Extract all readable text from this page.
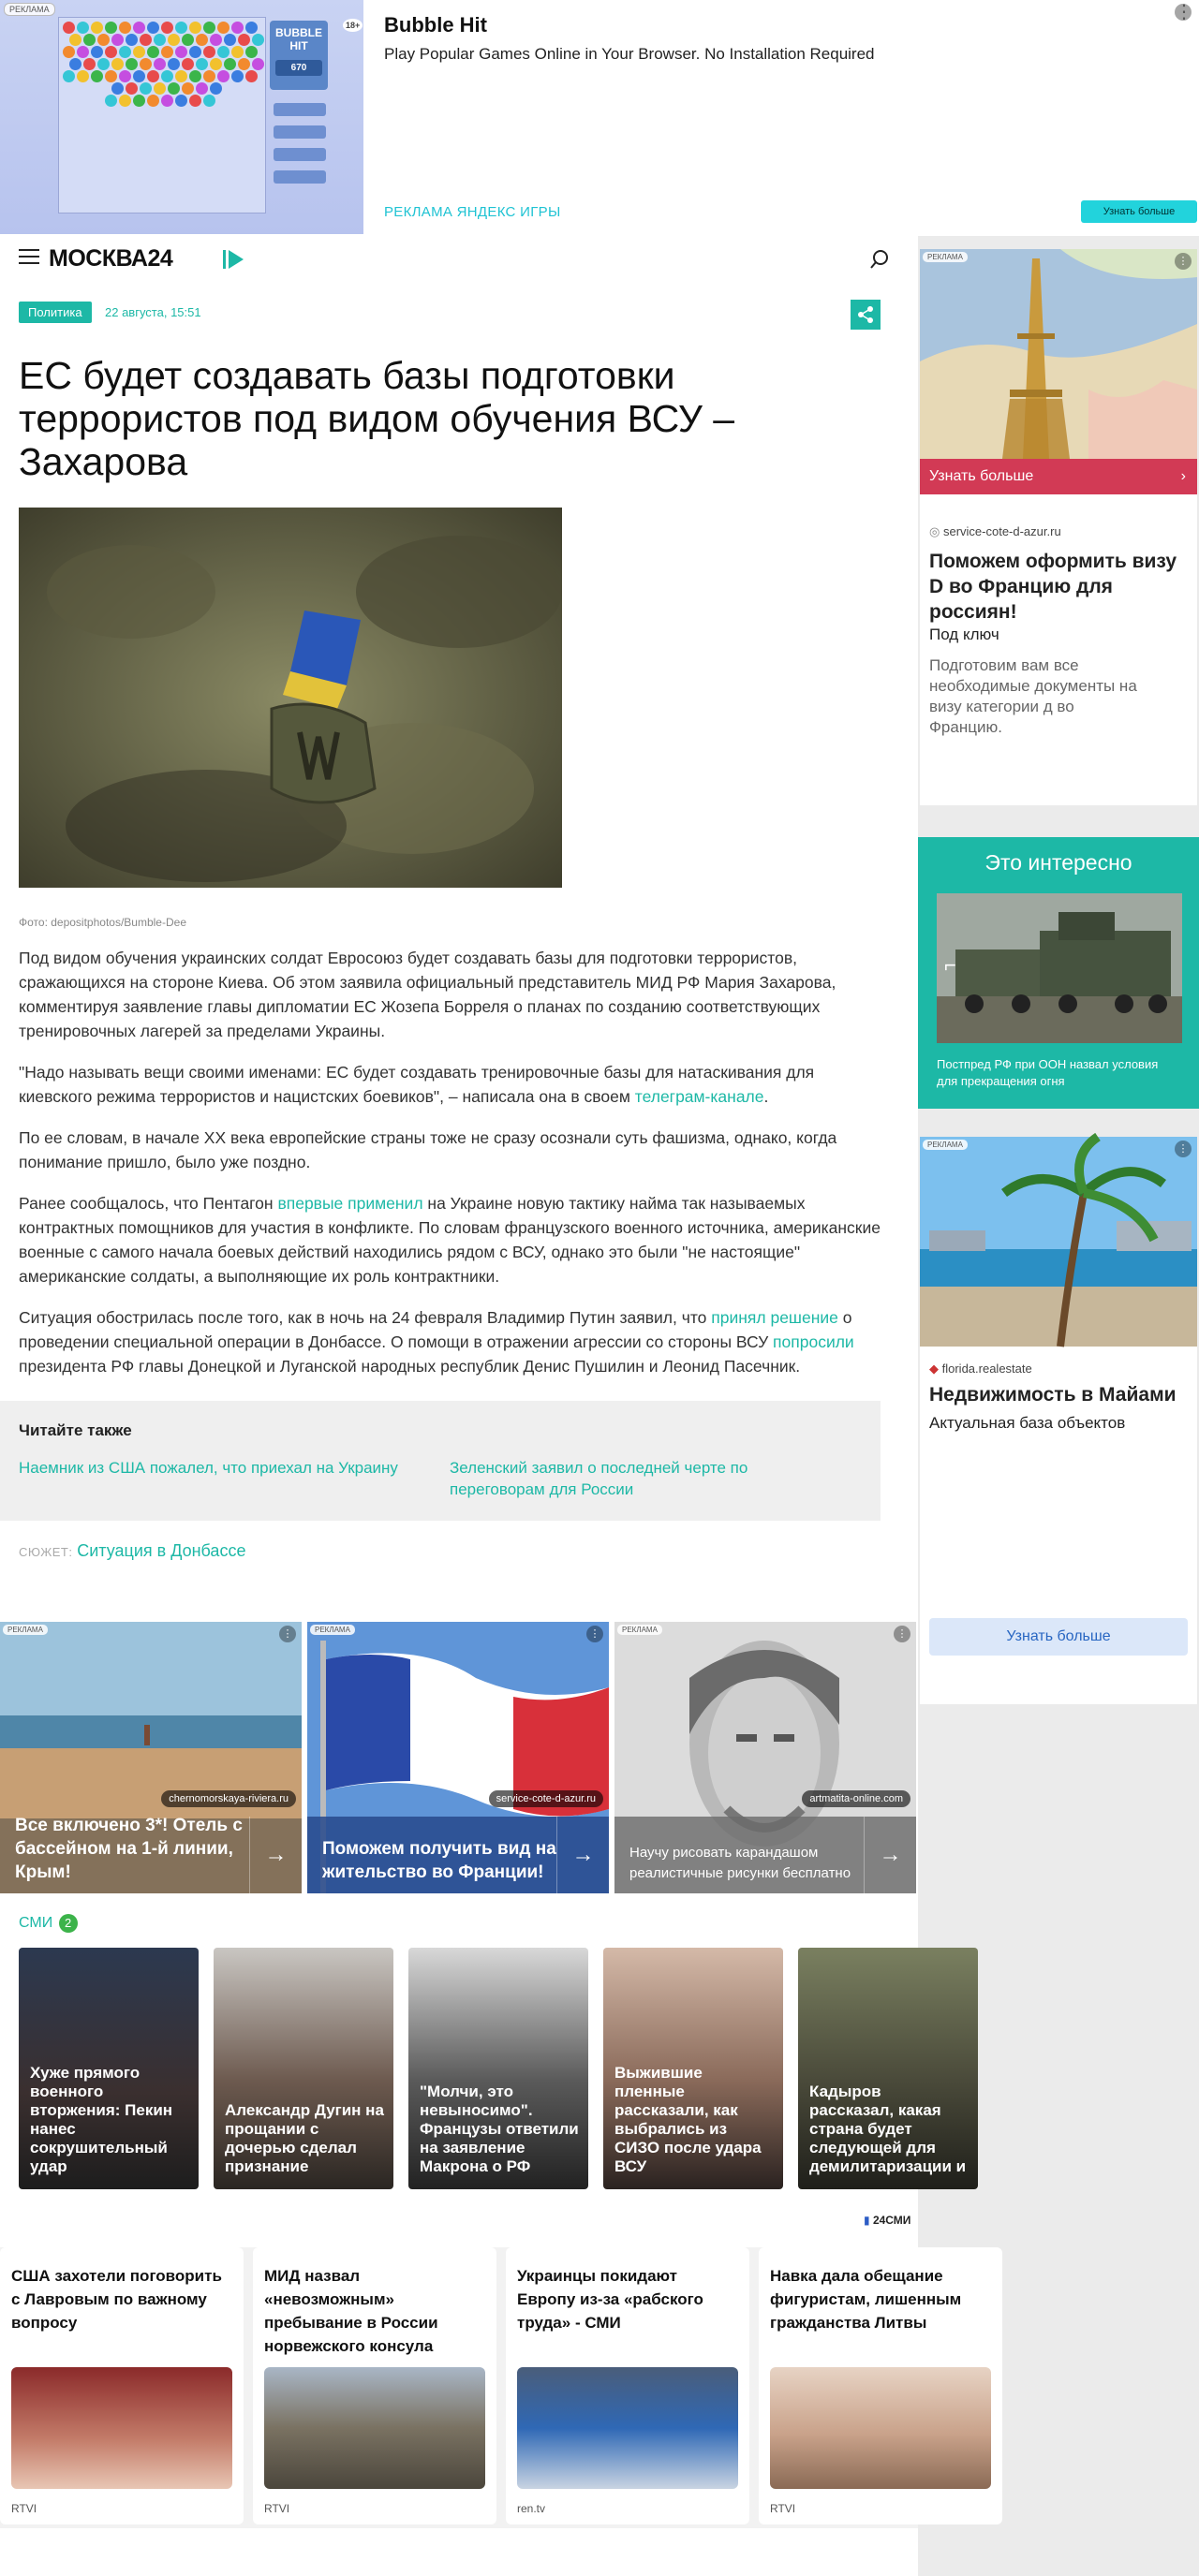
BUBBLE HIT
670
РЕКЛАМА
18+ Bubble Hit
Play Popular Games Online in Your Browser. No Installation Required
⋮
РЕКЛАМА ЯНДЕКС ИГРЫ	Узнать больше
МОСКВА24
Политика	22 августа, 15:51
ЕС будет создавать базы подготовки террористов под видом обучения ВСУ – Захарова
Фото: depositphotos/Bumble-Dee

Под видом обучения украинских солдат Евросоюз будет создавать базы для подготовки террористов, сражающихся на стороне Киева. Об этом заявила официальный представитель МИД РФ Мария Захарова, комментируя заявление главы дипломатии ЕС Жозепа Борреля о планах по созданию соответствующих тренировочных лагерей за пределами Украины.

"Надо называть вещи своими именами: ЕС будет создавать тренировочные базы для натаскивания для киевского режима террористов и нацистских боевиков", – написала она в своем телеграм-канале.

По ее словам, в начале XX века европейские страны тоже не сразу осознали суть фашизма, однако, когда понимание пришло, было уже поздно.

Ранее сообщалось, что Пентагон впервые применил на Украине новую тактику найма так называемых контрактных помощников для участия в конфликте. По словам французского военного источника, американские военные с самого начала боевых действий находились рядом с ВСУ, однако это были "не настоящие" американские солдаты, а выполняющие их роль контрактники.

Ситуация обострилась после того, как в ночь на 24 февраля Владимир Путин заявил, что принял решение о проведении специальной операции в Донбассе. О помощи в отражении агрессии со стороны ВСУ попросили президента РФ главы Донецкой и Луганской народных республик Денис Пушилин и Леонид Пасечник.

Читайте также
Наемник из США пожалел, что приехал на Украину	Зеленский заявил о последней черте по переговорам для России
СЮЖЕТ: Ситуация в Донбассе
РЕКЛАМА	⋮
Узнать больше	›
◎ service-cote-d-azur.ru
Поможем оформить визу D во Францию для россиян!
Под ключ
Подготовим вам все необходимые документы на визу категории д во Францию.
Это интересно
⌐
Постпред РФ при ООН назвал условия для прекращения огня
РЕКЛАМА	⋮
◆ florida.realestate
Недвижимость в Майами
Актуальная база объектов
Узнать больше
РЕКЛАМА	⋮
chernomorskaya-riviera.ru
Все включено 3*! Отель с бассейном на 1-й линии, Крым!
→
РЕКЛАМА	⋮
service-cote-d-azur.ru
Поможем получить вид на жительство во Франции!
→
РЕКЛАМА	⋮
artmatita-online.com
Научу рисовать карандашом реалистичные рисунки бесплатно
→
СМИ 2
Хуже прямого военного вторжения: Пекин нанес сокрушительный удар
Александр Дугин на прощании с дочерью сделал признание
"Молчи, это невыносимо". Французы ответили на заявление Макрона о РФ
Выжившие пленные рассказали, как выбрались из СИЗО после удара ВСУ
Кадыров рассказал, какая страна будет следующей для демилитаризации и
▮ 24СМИ
США захотели поговорить с Лавровым по важному вопросу
RTVI
МИД назвал «невозможным» пребывание в России норвежского консула
RTVI
Украинцы покидают Европу из-за «рабского труда» - СМИ
ren.tv
Навка дала обещание фигуристам, лишенным гражданства Литвы
RTVI
